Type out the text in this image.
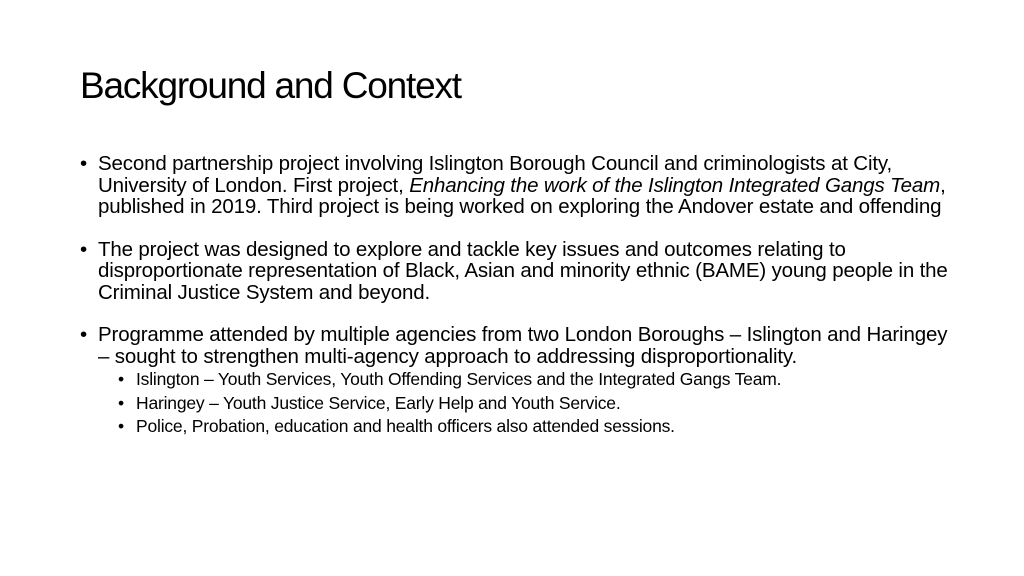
Background and Context
• Second partnership project involving Islington Borough Council and criminologists at City, University of London. First project, Enhancing the work of the Islington Integrated Gangs Team, published in 2019. Third project is being worked on exploring the Andover estate and offending
• The project was designed to explore and tackle key issues and outcomes relating to disproportionate representation of Black, Asian and minority ethnic (BAME) young people in the Criminal Justice System and beyond.
• Programme attended by multiple agencies from two London Boroughs – Islington and Haringey – sought to strengthen multi-agency approach to addressing disproportionality.
• Islington – Youth Services, Youth Offending Services and the Integrated Gangs Team.
• Haringey – Youth Justice Service, Early Help and Youth Service.
• Police, Probation, education and health officers also attended sessions.
